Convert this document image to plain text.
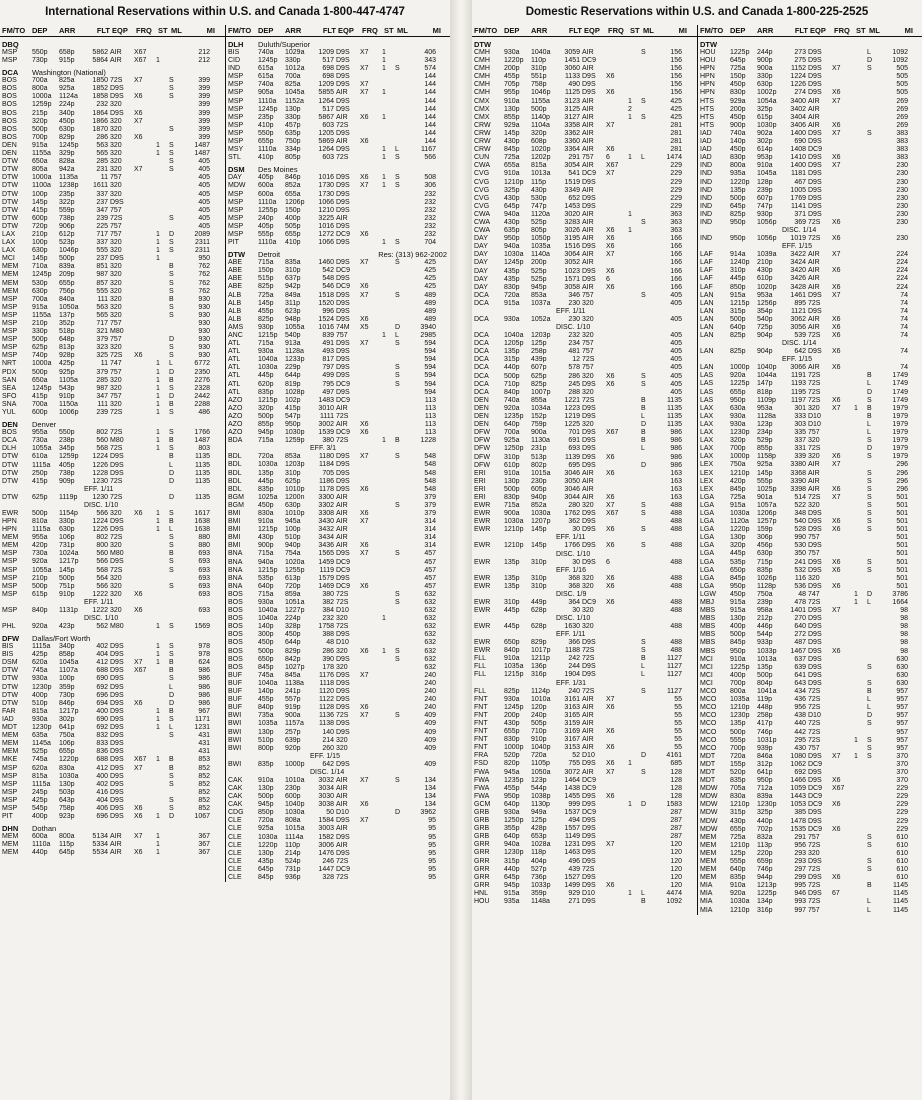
International Reservations within U.S. and Canada 1-800-447-4747
FM/TO DEP	ARR	FLT EQP	FRQ ST ML	MI	FM/TO DEP	ARR	FLT EQP	FRQ ST ML	MI
DBQ
MSP	550p	658p	5862 AIR	X67	212
MSP	730p	915p	5864 AIR	X67	1	212
DCA Washington (National)
BOS	700a	825a	1850 72S	X7	S	399
BOS	800a	925a	1852 D9S	S	399
BOS	1000a	1124a	1858 D9S	X6	S	399
BOS	1259p	224p	232 320	399
BOS	215p	340p	1864 D9S	X6	399
BOS	320p	450p	1866 320	X7	399
BOS	500p	630p	1870 320	S	399
BOS	700p	829p	286 320	X6	399
DEN	915a	1245p	563 320	1	S	1487
DEN	1155a	329p	565 320	1	S	1487
DTW	650a	828a	285 320	S	405
DTW	805a	942a	231 320	X7	S	405
DTW	1000a	1135a	11 757	405
DTW	1100a	1238p	1611 320	405
DTW	100p	235p	337 320	405
DTW	145p	322p	237 D9S	405
DTW	415p	559p	347 757	405
DTW	600p	738p	239 72S	S	405
DTW	720p	906p	225 757	405
LAX	210p	612p	717 757	1	D	2089
LAX	100p	523p	337 320	1	S	2311
LAX	630p	1046p	555 320	1	S	2311
MCI	145p	500p	237 D9S	1	950
MEM	710a	839a	851 320	B	762
MEM	1245p	209p	987 320	S	762
MEM	530p	655p	857 320	S	762
MEM	630p	756p	555 320	S	762
MSP	700a	840a	111 320	B	930
MSP	915a	1050a	563 320	S	930
MSP	1155a	137p	565 320	S	930
MSP	210p	352p	717 757	930
MSP	330p	518p	321 M80	930
MSP	500p	648p	379 757	D	930
MSP	625p	813p	323 320	S	930
MSP	740p	928p	325 72S	X6	S	930
NRT	1000a	425p	11 747	1	L	6772
PDX	500p	925p	379 757	1	D	2350
SAN	650a	1105a	285 320	1	B	2276
SEA	1245p	543p	987 320	1	S	2328
SFO	415p	910p	347 757	1	D	2442
SNA	700a	1150a	111 320	1	B	2288
YUL	600p	1006p	239 72S	1	S	486
DEN Denver
BOS	955a	550p	802 72S	1	S	1766
DCA	730a	238p	560 M80	1	B	1487
DLH	1055a	345p	568 72S	1	S	803
DTW	610a	1259p	1224 D9S	B	1135
DTW	1115a	405p	1226 D9S	L	1135
DTW	250p	738p	1228 D9S	D	1135
DTW	415p	909p	1230 72S	D	1135
EFF. 1/11
DTW	625p	1119p	1230 72S	D	1135
DISC. 1/10
EWR	500p	1154p	566 320	X6	1	S	1617
HPN	810a	330p	1224 D9S	1	B	1638
HPN	1115a	630p	1226 D9S	1	L	1638
MEM	955a	106p	802 72S	S	880
MEM	420p	731p	800 320	S	880
MSP	730a	1024a	560 M80	B	693
MSP	920a	1217p	566 D9S	S	693
MSP	1055a	145p	568 72S	S	693
MSP	210p	500p	564 320	693
MSP	500p	751p	566 320	S	693
MSP	615p	910p	1222 320	X6	693
EFF. 1/11
MSP	840p	1131p	1222 320	X6	693
DISC. 1/10
PHL	920a	423p	562 M80	1	S	1569
DFW Dallas/Fort Worth
BIS	1115a	340p	402 D9S	1	S	978
BIS	425p	858p	404 D9S	1	S	978
DSM	620a	1045a	412 D9S	X7	1	B	624
DTW	745a	1107a	688 D9S	X67	B	986
DTW	930a	100p	690 D9S	S	986
DTW	1230p	359p	692 D9S	L	986
DTW	400p	730p	696 D9S	D	986
DTW	510p	846p	694 D9S	X6	D	986
FAR	815a	1217p	400 D9S	1	B	967
IAD	930a	302p	690 D9S	1	S	1171
MDT	1230p	641p	692 D9S	1	L	1231
MEM	635a	750a	832 D9S	S	431
MEM	1145a	106p	833 D9S	431
MEM	525p	655p	836 D9S	431
MKE	745a	1220p	688 D9S	X67	1	B	853
MSP	620a	830a	412 D9S	X7	B	852
MSP	815a	1030a	400 D9S	S	852
MSP	1115a	130p	402 D9S	S	852
MSP	245p	503p	416 D9S	852
MSP	425p	643p	404 D9S	S	852
MSP	545p	758p	406 D9S	X6	S	852
PIT	400p	923p	696 D9S	X6	1	D	1067
DHN Dothan
MEM	600a	800a	5134 AIR	X7	1	367
MEM	1110a	115p	5334 AIR	1	367
MEM	440p	645p	5534 AIR	X6	1	367
DLH Duluth/Superior
BIS	740a	1029a	1209 D9S	X7	1	406
CID	1245p	330p	517 D9S	1	343
IND	615a	1012a	698 D9S	X7	1	S	574
MSP	615a	700a	698 D9S	144
MSP	740a	825a	1209 D9S	X7	144
MSP	905a	1045a	5855 AIR	X7	1	144
MSP	1110a	1152a	1264 D9S	144
MSP	1245p	130p	517 D9S	144
MSP	235p	330p	5867 AIR	X6	1	144
MSP	410p	457p	603 72S	144
MSP	550p	635p	1205 D9S	144
MSP	655p	750p	5869 AIR	X6	144
MSY	1110a	334p	1264 D9S	1	L	1167
STL	410p	805p	603 72S	1	S	566
DSM Des Moines
DAY	405p	846p	1016 D9S	X6	1	S	508
MDW	600a	852a	1730 D9S	X7	1	S	306
MSP	600a	655a	1730 D9S	232
MSP	1110a	1206p	1066 D9S	232
MSP	1255p	150p	1210 D9S	232
MSP	240p	400p	3225 AIR	232
MSP	405p	505p	1016 D9S	232
MSP	555p	655p	1272 DC9	X6	232
PIT	1110a	410p	1066 D9S	1	S	704
DTW Detroit	Res: (313) 962-2002
ABE	715a	835a	1460 D9S	X7	S	425
ABE	150p	310p	542 DC9	425
ABE	515p	637p	548 D9S	425
ABE	825p	942p	546 DC9	X6	425
ALB	725a	849a	1518 D9S	X7	S	489
ALB	145p	311p	1520 D9S	489
ALB	455p	623p	996 D9S	489
ALB	825p	948p	1524 D9S	X6	489
AMS	930p	1055a	1016 74M	X5	D	3940
ANC	1215p	540p	839 757	1	L	2985
ATL	715a	913a	491 D9S	X7	S	594
ATL	930a	1128a	493 D9S	594
ATL	1040a	1233p	817 D9S	594
ATL	1030a	229p	797 D9S	S	594
ATL	445p	644p	499 D9S	S	594
ATL	620p	819p	795 DC9	S	594
ATL	835p	1028p	497 D9S	594
AZO	1215p	102p	1483 DC9	113
AZO	320p	415p	3010 AIR	113
AZO	500p	547p	1111 72S	113
AZO	855p	950p	3002 AIR	X6	113
AZO	945p	1030p	1539 DC9	X6	113
BDA	715a	1259p	380 72S	1	B	1228
EFF. 3/1
BDL	720a	853a	1180 D9S	X7	S	548
BDL	1030a	1203p	1184 D9S	548
BDL	135p	310p	705 D9S	548
BDL	445p	625p	1186 D9S	548
BDL	835p	1010p	1178 D9S	X6	548
BGM	1025a	1200n	3300 AIR	379
BGM	450p	630p	3302 AIR	S	379
BMI	830a	1010p	3308 AIR	X6	379
BMI	910a	945a	3430 AIR	X7	314
BMI	1215p	100p	3432 AIR	314
BMI	430p	510p	3434 AIR	314
BMI	900p	940p	3436 AIR	X6	314
BNA	715a	754a	1565 D9S	X7	S	457
BNA	940a	1020a	1459 DC9	457
BNA	1215p	1255p	1119 DC9	457
BNA	535p	613p	1579 D9S	457
BNA	640p	720p	1469 DC9	X6	457
BOS	715a	859a	380 72S	S	632
BOS	930a	1051a	382 72S	S	632
BOS	1040a	1227p	384 D10	632
BOS	1040a	224p	232 320	1	632
BOS	140p	328p	1758 72S	632
BOS	300p	450p	388 D9S	632
BOS	450p	644p	48 D10	632
BOS	500p	829p	286 320	X6	1	S	632
BOS	650p	842p	390 D9S	S	632
BOS	845p	1027p	178 320	632
BUF	745a	845a	1176 D9S	X7	240
BUF	1040a	1138a	1118 D9S	240
BUF	140p	241p	1120 D9S	240
BUF	455p	557p	1122 D9S	240
BUF	840p	919p	1128 D9S	X6	240
BWI	735a	900a	1136 72S	X7	S	409
BWI	1035a	1157a	1138 D9S	409
BWI	130p	257p	140 D9S	409
BWI	510p	639p	214 320	409
BWI	800p	920p	260 320	409
EFF. 1/15
BWI	835p	1000p	642 D9S	409
DISC. 1/14
CAK	910a	1010a	3032 AIR	X7	S	134
CAK	130p	230p	3034 AIR	134
CAK	500p	600p	3030 AIR	134
CAK	945p	1040p	3038 AIR	X6	134
CDG	850p	1030a	50 D10	D	3962
CLE	720a	808a	1584 D9S	X7	95
CLE	925a	1015a	3003 AIR	95
CLE	1030a	1114a	1582 D9S	95
CLE	1220p	110p	3006 AIR	95
CLE	130p	214p	1476 D9S	95
CLE	435p	524p	246 72S	95
CLE	645p	731p	1447 DC9	95
CLE	845p	936p	328 72S	95
Domestic Reservations within U.S. and Canada 1-800-225-2525
FM/TO DEP	ARR	FLT EQP	FRQ ST ML	MI	FM/TO DEP	ARR	FLT EQP	FRQ ST ML	MI
DTW
CMH	930a	1040a	3059 AIR	S	156
CMH	1220p	110p	1451 DC9	156
CMH	200p	310p	3060 AIR	156
CMH	455p	551p	1133 D9S	X6	156
CMH	705p	758p	490 D9S	156
CMH	955p	1046p	1125 D9S	X6	156
CMX	910a	1155a	3123 AIR	1	S	425
CMX	130p	500p	3125 AIR	2	425
CMX	855p	1140p	3127 AIR	1	S	425
CRW	929a	1104a	3358 AIR	X7	281
CRW	145p	320p	3362 AIR	281
CRW	430p	608p	3360 AIR	281
CRW	845p	1020p	3364 AIR	X6	281
CUN	725a	1202p	291 757	6	1	L	1474
CWA	655a	815a	3054 AIR	X67	229
CVG	910a	1013a	541 DC9	X7	229
CVG	1210p	115p	1519 D9S	229
CVG	325p	430p	3349 AIR	229
CVG	430p	530p	652 D9S	229
CVG	645p	747p	1453 D9S	229
CWA	940a	1120a	3020 AIR	1	363
CWA	430p	525p	3283 AIR	S	363
CWA	635p	805p	3026 AIR	X6	1	363
DAY	950p	1050p	3195 AIR	X6	166
DAY	940a	1035a	1516 D9S	X6	166
DAY	1030a	1140a	3064 AIR	X7	166
DAY	1245p	200p	3052 AIR	166
DAY	435p	525p	1023 D9S	X6	166
DAY	435p	525p	1571 D9S	6	166
DAY	830p	945p	3058 AIR	X6	166
DCA	720a	853a	346 757	S	405
DCA	915a	1037a	230 320	405
EFF. 1/11
DCA	930a	1052a	230 320	405
DISC. 1/10
DCA	1040a	1203p	232 320	405
DCA	1205p	125p	234 757	405
DCA	135p	258p	481 757	405
DCA	315p	439p	12 72S	405
DCA	440p	607p	578 757	405
DCA	500p	625p	286 320	X6	S	405
DCA	710p	825p	245 D9S	X6	S	405
DCA	840p	1007p	288 320	405
DEN	740a	855a	1221 72S	B	1135
DEN	920a	1034a	1223 D9S	B	1135
DEN	1235p	152p	1219 D9S	L	1135
DEN	640p	759p	1225 320	D	1135
DFW	700a	900a	701 D9S	X67	B	986
DFW	925a	1130a	691 D9S	B	986
DFW	1250p	231p	693 D9S	L	986
DFW	310p	513p	1139 D9S	X6	986
DFW	610p	802p	695 D9S	D	986
ERI	910a	1015a	3046 AIR	X6	163
ERI	130p	230p	3050 AIR	163
ERI	500p	605p	3046 AIR	163
ERI	830p	940p	3044 AIR	X6	163
EWR	715a	852a	280 320	X7	S	488
EWR	900a	1030a	1762 D9S	X67	S	488
EWR	1030a	1207p	362 D9S	488
EWR	1210p	145p	30 D9S	X6	S	488
EFF. 1/11
EWR	1210p	145p	1766 D9S	X6	S	488
DISC. 1/10
EWR	135p	310p	30 D9S	6	488
EFF. 1/16
EWR	135p	310p	368 320	X6	488
EWR	135p	310p	368 320	X6	488
DISC. 1/9
EWR	310p	449p	364 DC9	X6	488
EWR	445p	628p	30 320	488
DISC. 1/10
EWR	445p	628p	1630 320	488
EFF. 1/11
EWR	650p	829p	366 D9S	S	488
EWR	840p	1017p	1188 72S	S	488
FLL	910a	1211p	242 72S	B	1127
FLL	1035a	136p	244 D9S	L	1127
FLL	1215p	316p	1904 D9S	L	1127
EFF. 1/31
FLL	825p	1124p	240 72S	S	1127
FNT	930a	1010a	3161 AIR	X7	55
FNT	1245p	120p	3163 AIR	X6	55
FNT	200p	240p	3165 AIR	55
FNT	430p	505p	3159 AIR	55
FNT	655p	710p	3169 AIR	X6	55
FNT	830p	910p	3167 AIR	55
FNT	1000p	1040p	3153 AIR	X6	55
FRA	520p	720a	52 D10	D	4161
FSD	820p	1105p	755 D9S	X6	1	685
FWA	945a	1050a	3072 AIR	X7	S	128
FWA	1235p	123p	1464 DC9	128
FWA	455p	544p	1438 DC9	128
FWA	950p	1038p	1455 D9S	X6	128
GCM	640p	1130p	999 D9S	1	D	1583
GRB	930a	949a	1537 DC9	287
GRB	1250p	125p	494 D9S	287
GRB	355p	428p	1557 D9S	287
GRB	640p	653p	1149 D9S	287
GRR	940a	1028a	1231 D9S	X7	120
GRR	1230p	118p	1463 D9S	120
GRR	315p	404p	496 D9S	120
GRR	440p	527p	439 72S	120
GRR	645p	736p	1527 D9S	120
GRR	945p	1033p	1499 D9S	X6	120
HNL	915a	359p	929 D10	1	L	4474
HOU	935a	1148a	271 D9S	B	1092
DTW
HOU	1225p	244p	273 D9S	L	1092
HOU	645p	900p	275 D9S	D	1092
HPN	725a	900a	1152 D9S	X7	S	505
HPN	150p	330p	1224 D9S	505
HPN	450p	630p	1226 D9S	505
HPN	830p	1002p	274 D9S	X6	505
HTS	929a	1054a	3400 AIR	X7	269
HTS	200p	325p	3402 AIR	269
HTS	450p	615p	3404 AIR	269
HTS	900p	1030p	3406 AIR	X6	269
IAD	740a	902a	1400 D9S	X7	S	383
IAD	140p	302p	690 D9S	383
IAD	450p	614p	1408 DC9	383
IAD	830p	953p	1410 D9S	X6	383
IND	800a	910a	1400 D9S	X7	230
IND	935a	1045a	1181 D9S	230
IND	1220p	128p	467 D9S	230
IND	135p	239p	1005 D9S	230
IND	500p	607p	1769 D9S	230
IND	645p	747p	1141 D9S	230
IND	825p	930p	371 D9S	230
IND	950p	1056p	369 72S	X6	230
DISC. 1/14
IND	950p	1056p	1019 72S	X6	230
EFF. 1/15
LAF	914a	1039a	3422 AIR	X7	224
LAF	1240p	210p	3424 AIR	224
LAF	310p	430p	3420 AIR	X6	224
LAF	445p	610p	3426 AIR	224
LAF	850p	1020p	3428 AIR	X6	224
LAN	915a	953a	1461 D9S	X7	74
LAN	1215p	1256p	895 72S	74
LAN	315p	354p	1121 D9S	74
LAN	500p	540p	3062 AIR	X6	74
LAN	640p	725p	3056 AIR	X6	74
LAN	825p	904p	539 72S	X6	74
DISC. 1/14
LAN	825p	904p	642 D9S	X6	74
EFF. 1/15
LAN	1000p	1040p	3066 AIR	X6	74
LAS	920a	1044a	1191 72S	B	1749
LAS	1225p	147p	1193 72S	L	1749
LAS	655p	818p	1195 72S	D	1749
LAS	950p	1109p	1197 72S	X6	S	1749
LAX	630a	953a	301 320	X7	1	B	1979
LAX	930a	1128a	333 D10	B	1979
LAX	930a	123p	303 D10	L	1979
LAX	1230p	234p	335 757	L	1979
LAX	320p	529p	337 320	S	1979
LAX	700p	855p	331 72S	D	1979
LAX	1000p	1158p	339 320	X6	S	1979
LEX	750a	925a	3380 AIR	X7	296
LEX	1210p	145p	3368 AIR	S	296
LEX	420p	555p	3390 AIR	S	296
LEX	845p	1025p	3398 AIR	X6	S	296
LGA	725a	901a	514 72S	X7	S	501
LGA	915a	1057a	522 320	S	501
LGA	1030a	1206p	348 D9S	S	501
LGA	1120a	1257p	540 D9S	X6	S	501
LGA	1220p	159p	528 D9S	X6	S	501
LGA	130p	306p	990 757	501
LGA	320p	456p	530 D9S	501
LGA	445p	630p	350 757	501
LGA	535p	715p	241 D9S	X6	S	501
LGA	650p	835p	532 D9S	X6	S	501
LGA	845p	1026p	116 320	501
LGA	950p	1128p	536 D9S	X6	501
LGW	450p	750a	48 747	1	D	3786
MBJ	915a	239p	478 72S	1	L	1664
MBS	915a	958a	1401 D9S	X7	98
MBS	130p	212p	270 D9S	98
MBS	400p	446p	640 D9S	98
MBS	500p	544p	272 D9S	98
MBS	845p	933p	487 D9S	98
MBS	950p	1033p	1467 D9S	X6	98
MCI	910a	1013a	637 D9S	630
MCI	1225p	135p	639 D9S	S	630
MCI	400p	500p	641 D9S	630
MCI	700p	804p	643 D9S	S	630
MCO	800a	1041a	434 72S	B	957
MCO	1035a	119p	436 72S	L	957
MCO	1210p	448p	956 72S	L	957
MCO	1230p	258p	438 D10	D	957
MCO	135p	417p	440 72S	S	957
MCO	500p	746p	442 72S	957
MCO	555p	1031p	295 72S	1	S	957
MCO	700p	939p	430 757	S	957
MDT	720a	846a	1080 D9S	X7	1	S	370
MDT	155p	312p	1062 DC9	370
MDT	520p	641p	692 D9S	370
MDT	835p	950p	1466 D9S	X6	370
MDW	705a	712a	1059 DC9	X67	229
MDW	830a	839a	1443 DC9	229
MDW	1210p	1230p	1053 DC9	X6	229
MDW	315p	325p	385 D9S	229
MDW	430p	440p	1478 D9S	229
MDW	655p	702p	1535 DC9	X6	229
MEM	725a	832a	291 757	S	610
MEM	1210p	113p	956 72S	S	610
MEM	125p	220p	293 320	610
MEM	555p	659p	293 D9S	S	610
MEM	640p	746p	297 72S	S	610
MEM	835p	944p	299 D9S	X6	610
MIA	910a	1213p	995 72S	B	1145
MIA	920a	1225p	946 D9S	67	1145
MIA	1030a	134p	993 72S	L	1145
MIA	1210p	316p	997 757	L	1145
